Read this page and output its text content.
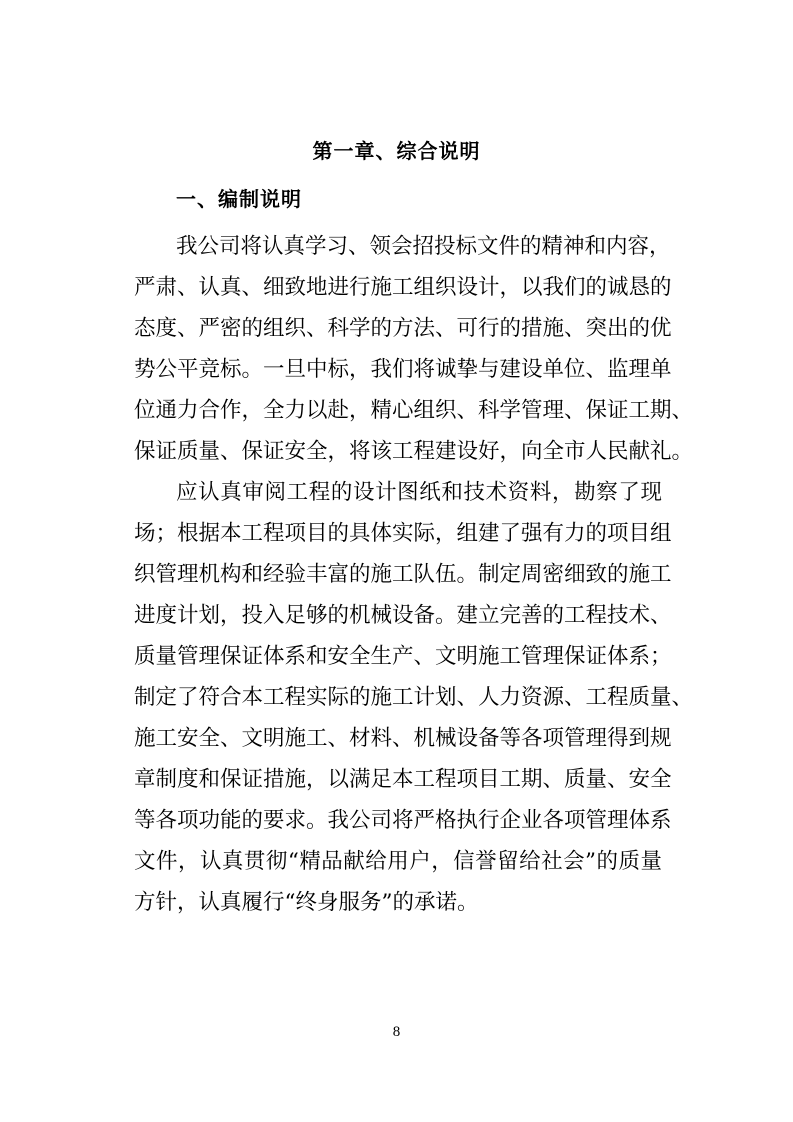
第一章、综合说明
一、编制说明
我公司将认真学习、领会招投标文件的精神和内容，
严肃、认真、细致地进行施工组织设计，以我们的诚恳的
态度、严密的组织、科学的方法、可行的措施、突出的优
势公平竞标。一旦中标，我们将诚挚与建设单位、监理单
位通力合作，全力以赴，精心组织、科学管理、保证工期、
保证质量、保证安全，将该工程建设好，向全市人民献礼。
应认真审阅工程的设计图纸和技术资料，勘察了现
场；根据本工程项目的具体实际，组建了强有力的项目组
织管理机构和经验丰富的施工队伍。制定周密细致的施工
进度计划，投入足够的机械设备。建立完善的工程技术、
质量管理保证体系和安全生产、文明施工管理保证体系；
制定了符合本工程实际的施工计划、人力资源、工程质量、
施工安全、文明施工、材料、机械设备等各项管理得到规
章制度和保证措施，以满足本工程项目工期、质量、安全
等各项功能的要求。我公司将严格执行企业各项管理体系
文件，认真贯彻“精品献给用户，信誉留给社会”的质量
方针，认真履行“终身服务”的承诺。
8
